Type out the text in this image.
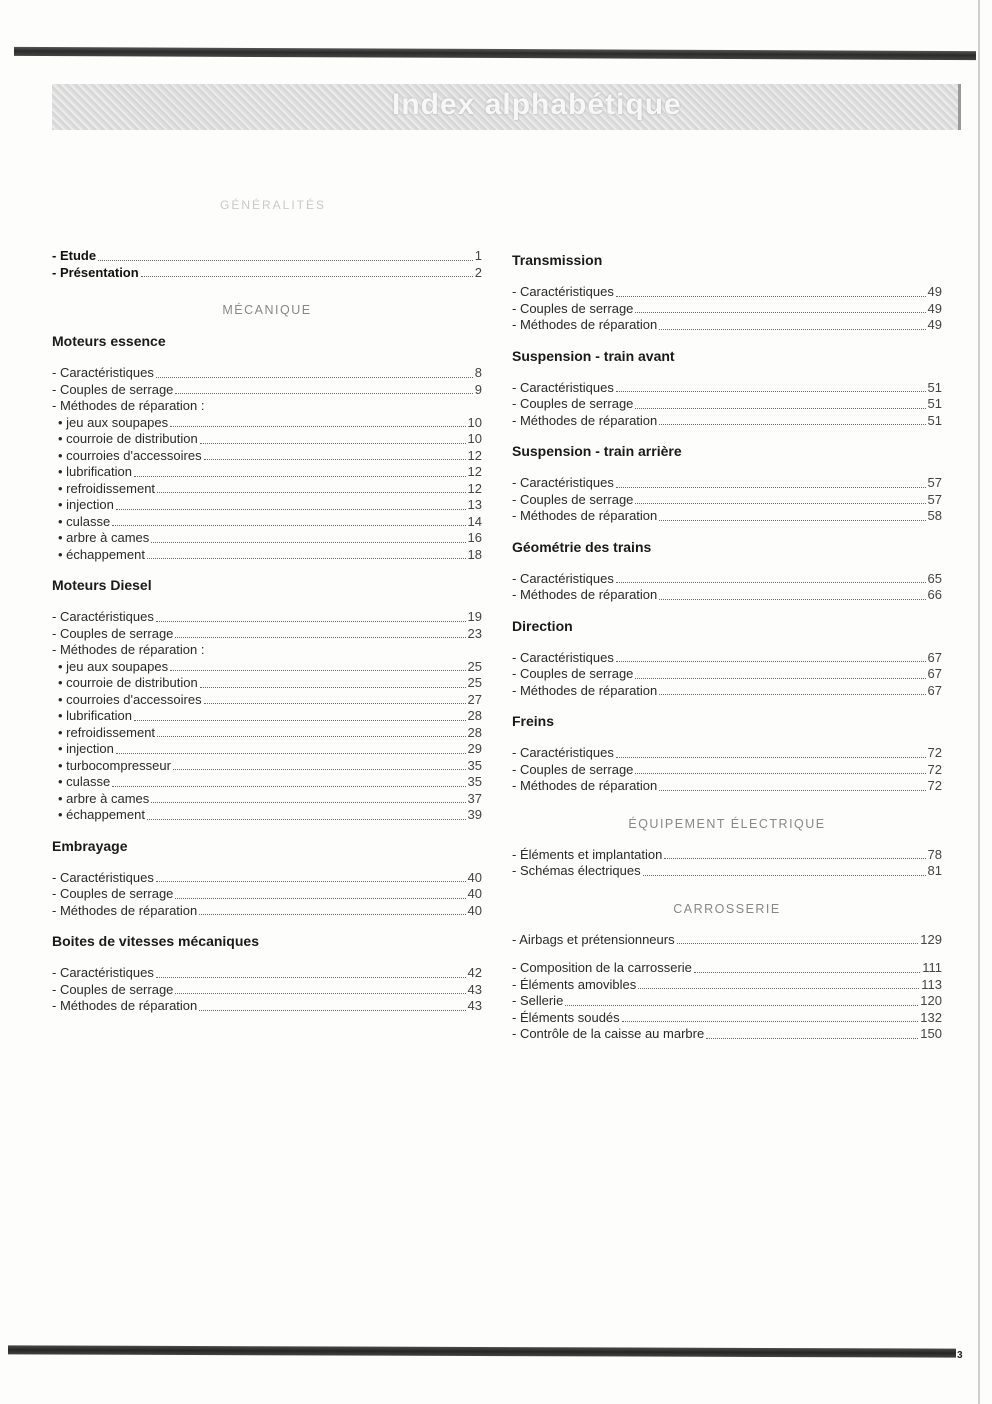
Index alphabétique
GÉNÉRALITÉS
- Etude	1
- Présentation	2
MÉCANIQUE
Moteurs essence
- Caractéristiques	8
- Couples de serrage	9
- Méthodes de réparation :
• jeu aux soupapes	10
• courroie de distribution	10
• courroies d'accessoires	12
• lubrification	12
• refroidissement	12
• injection	13
• culasse	14
• arbre à cames	16
• échappement	18
Moteurs Diesel
- Caractéristiques	19
- Couples de serrage	23
- Méthodes de réparation :
• jeu aux soupapes	25
• courroie de distribution	25
• courroies d'accessoires	27
• lubrification	28
• refroidissement	28
• injection	29
• turbocompresseur	35
• culasse	35
• arbre à cames	37
• échappement	39
Embrayage
- Caractéristiques	40
- Couples de serrage	40
- Méthodes de réparation	40
Boites de vitesses mécaniques
- Caractéristiques	42
- Couples de serrage	43
- Méthodes de réparation	43
Transmission
- Caractéristiques	49
- Couples de serrage	49
- Méthodes de réparation	49
Suspension - train avant
- Caractéristiques	51
- Couples de serrage	51
- Méthodes de réparation	51
Suspension - train arrière
- Caractéristiques	57
- Couples de serrage	57
- Méthodes de réparation	58
Géométrie des trains
- Caractéristiques	65
- Méthodes de réparation	66
Direction
- Caractéristiques	67
- Couples de serrage	67
- Méthodes de réparation	67
Freins
- Caractéristiques	72
- Couples de serrage	72
- Méthodes de réparation	72
ÉQUIPEMENT ÉLECTRIQUE
- Éléments et implantation	78
- Schémas électriques	81
CARROSSERIE
- Airbags et prétensionneurs	129
- Composition de la carrosserie	111
- Éléments amovibles	113
- Sellerie	120
- Éléments soudés	132
- Contrôle de la caisse au marbre	150
3
